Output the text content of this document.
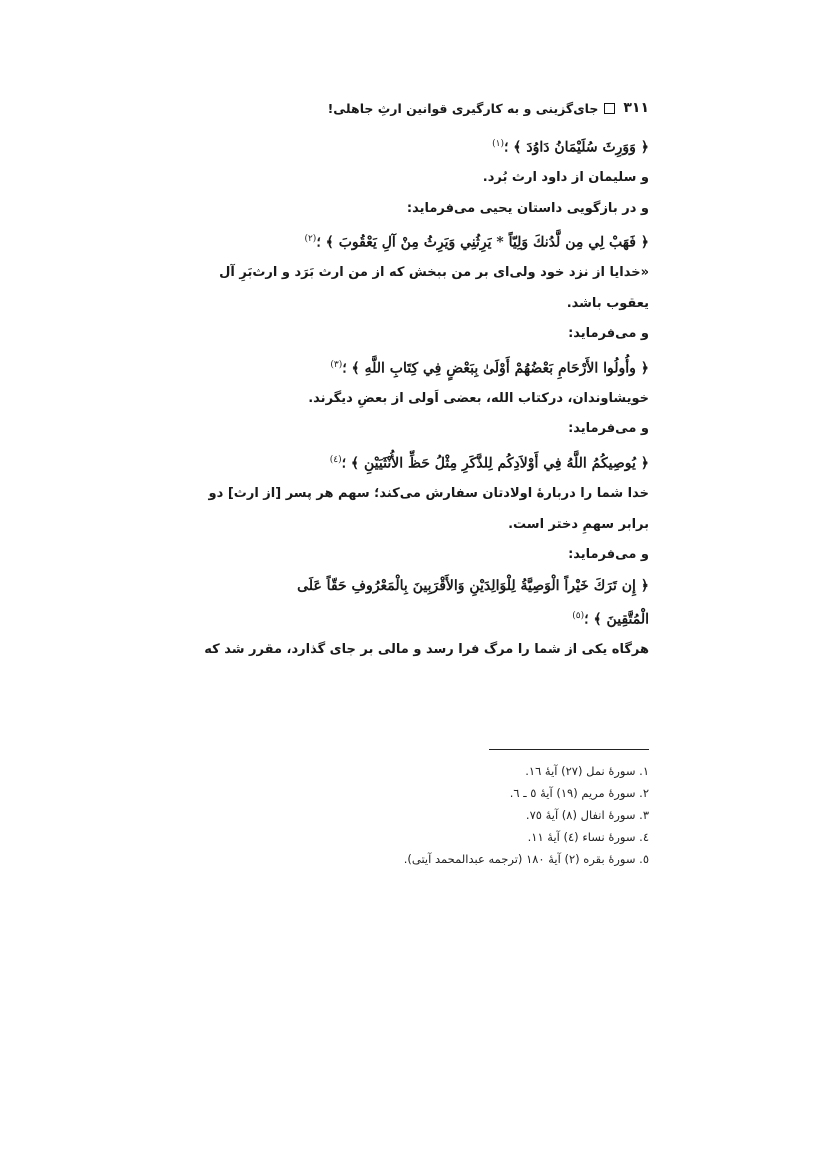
۳۱۱
جای‌گزینی و به کارگیری قوانین ارثِ جاهلی!
﴿ وَوَرِثَ سُلَيْمَانُ دَاوُدَ ﴾ ؛$^{(۱)}$
و سلیمان از داود ارث بُرد.
و در بازگویی داستان یحیی می‌فرماید:
﴿ فَهَبْ لِي مِن لَّدُنكَ وَلِيّاً * يَرِثُنِي وَيَرِثُ مِنْ آلِ يَعْقُوبَ ﴾ ؛$^{(۲)}$
«خدایا از نزد خود ولی‌ای بر من ببخش که از من ارث بَرَد و ارث‌بَرِ آل
یعقوب باشد.
و می‌فرماید:
﴿ وأُولُوا الأَرْحَامِ بَعْضُهُمْ أَوْلَىٰ بِبَعْضٍ فِي كِتَابِ اللَّهِ ﴾ ؛$^{(۳)}$
خویشاوندان، درکتاب الله، بعضی اَولی از بعضِ دیگرند.
و می‌فرماید:
﴿ يُوصِيكُمُ اللَّهُ فِي أَوْلاَدِكُم لِلذَّكَرِ مِثْلُ حَظِّ الأُنْثَيَيْنِ ﴾ ؛$^{(٤)}$
خدا شما را دربارهٔ اولادتان سفارش می‌کند؛ سهم هر پسر [از ارث] دو
برابر سهمِ دختر است.
و می‌فرماید:
﴿ إِن تَرَكَ خَيْراً الْوَصِيَّةُ لِلْوَالِدَيْنِ وَالأَقْرَبِينَ بِالْمَعْرُوفِ حَقّاً عَلَى
الْمُتَّقِينَ ﴾ ؛$^{(٥)}$
هرگاه یکی از شما را مرگ فرا رسد و مالی بر جای گذارد، مقرر شد که
١. سورهٔ نمل (٢٧) آیهٔ ١٦.
٢. سورهٔ مریم (١٩) آیهٔ ٥ ـ ٦.
٣. سورهٔ انفال (٨) آیهٔ ٧٥.
٤. سورهٔ نساء (٤) آیهٔ ١١.
٥. سورهٔ بقره (٢) آیهٔ ١٨٠ (ترجمه عبدالمحمد آیتی).
